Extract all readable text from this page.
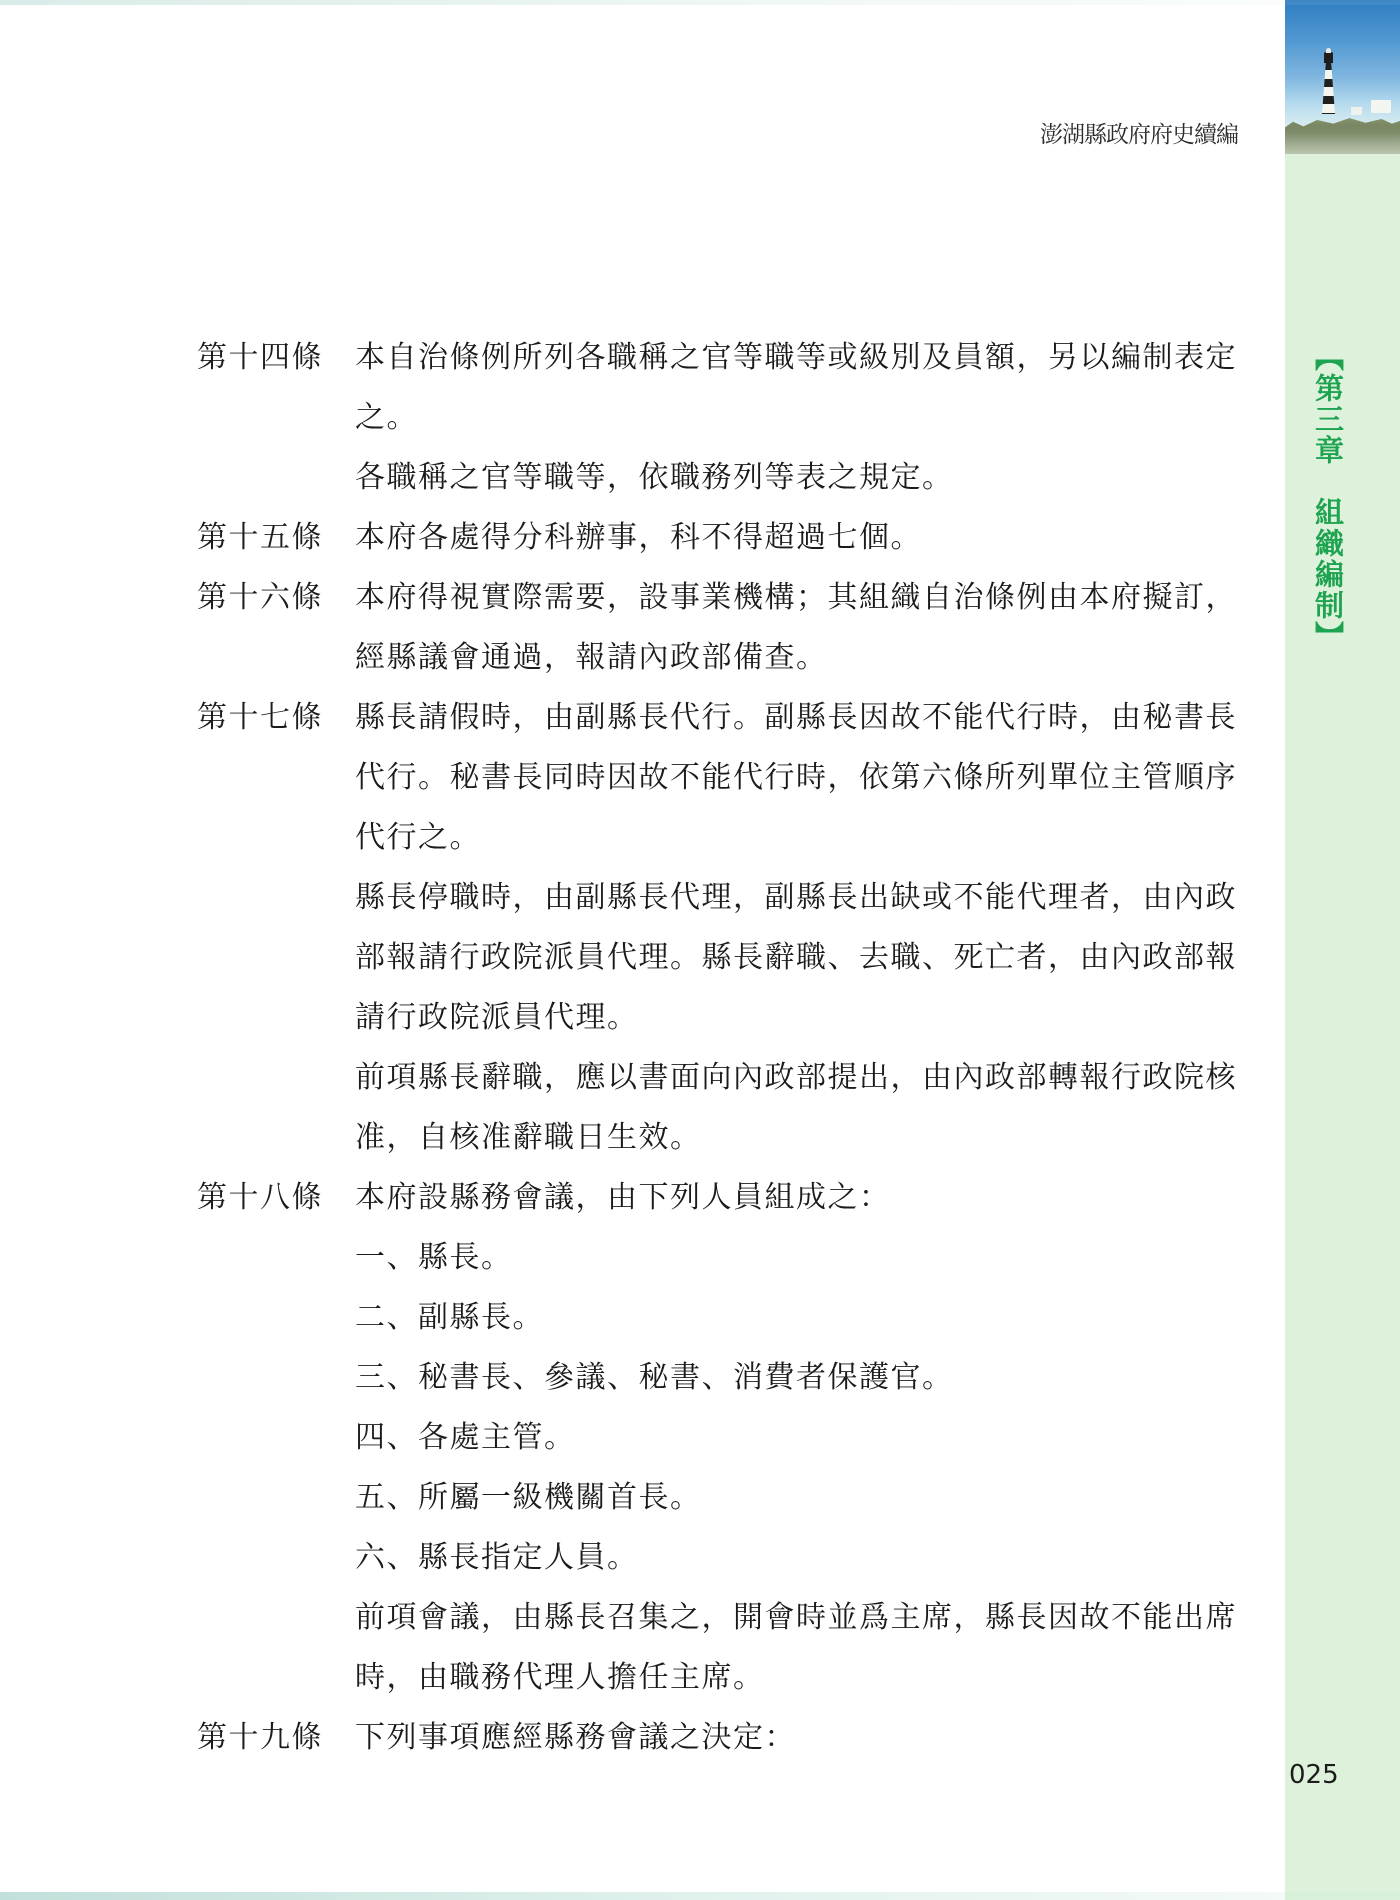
澎湖縣政府府史續編
【第三章　組織編制】
025
第十四條 本自治條例所列各職稱之官等職等或級別及員額，另以編制表定
之。
各職稱之官等職等，依職務列等表之規定。
第十五條 本府各處得分科辦事，科不得超過七個。
第十六條 本府得視實際需要，設事業機構；其組織自治條例由本府擬訂，
經縣議會通過，報請內政部備查。
第十七條 縣長請假時，由副縣長代行。副縣長因故不能代行時，由秘書長
代行。秘書長同時因故不能代行時，依第六條所列單位主管順序
代行之。
縣長停職時，由副縣長代理，副縣長出缺或不能代理者，由內政
部報請行政院派員代理。縣長辭職、去職、死亡者，由內政部報
請行政院派員代理。
前項縣長辭職，應以書面向內政部提出，由內政部轉報行政院核
准，自核准辭職日生效。
第十八條 本府設縣務會議，由下列人員組成之：
一、縣長。
二、副縣長。
三、秘書長、參議、秘書、消費者保護官。
四、各處主管。
五、所屬一級機關首長。
六、縣長指定人員。
前項會議，由縣長召集之，開會時並爲主席，縣長因故不能出席
時，由職務代理人擔任主席。
第十九條 下列事項應經縣務會議之決定：
